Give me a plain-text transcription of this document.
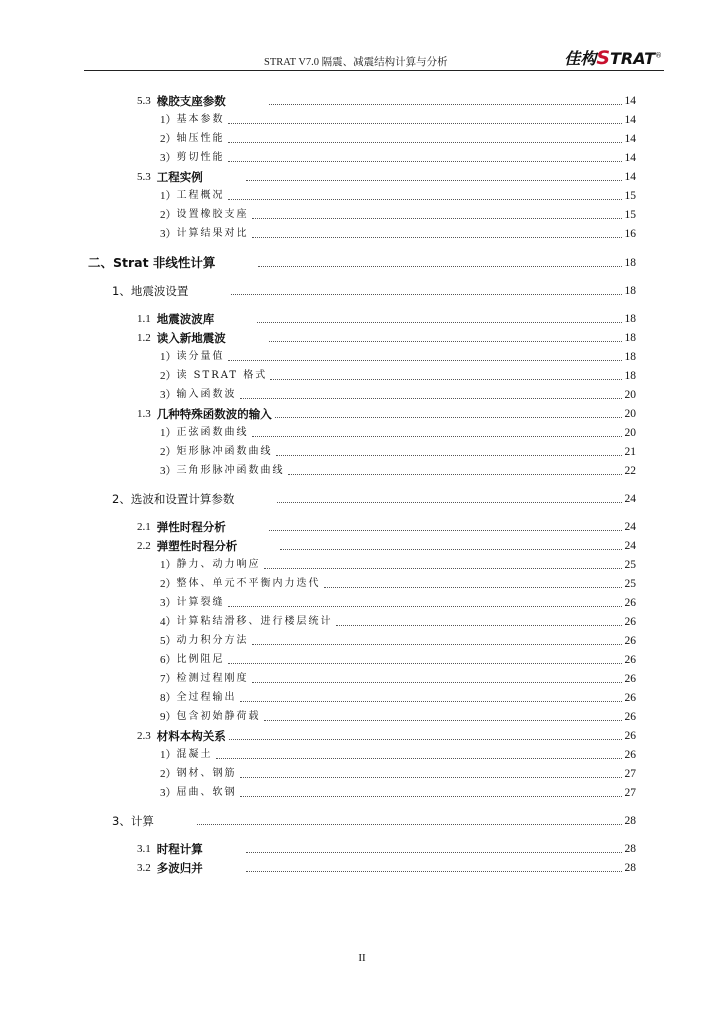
STRAT V7.0 隔震、减震结构计算与分析	佳构STRAT®
5.3 橡胶支座参数	14
1） 基本参数	14
2） 轴压性能	14
3） 剪切性能	14
5.3 工程实例	14
1） 工程概况	15
2） 设置橡胶支座	15
3） 计算结果对比	16
二、 Strat 非线性计算	18
1、 地震波设置	18
1.1 地震波波库	18
1.2 读入新地震波	18
1） 读分量值	18
2） 读 STRAT 格式	18
3） 输入函数波	20
1.3 几种特殊函数波的输入	20
1） 正弦函数曲线	20
2） 矩形脉冲函数曲线	21
3） 三角形脉冲函数曲线	22
2、 选波和设置计算参数	24
2.1 弹性时程分析	24
2.2 弹塑性时程分析	24
1） 静力、动力响应	25
2） 整体、单元不平衡内力迭代	25
3） 计算裂缝	26
4） 计算粘结滑移、进行楼层统计	26
5） 动力积分方法	26
6） 比例阻尼	26
7） 检测过程刚度	26
8） 全过程输出	26
9） 包含初始静荷载	26
2.3 材料本构关系	26
1） 混凝土	26
2） 钢材、钢筋	27
3） 屈曲、软钢	27
3、 计算	28
3.1 时程计算	28
3.2 多波归并	28
II
